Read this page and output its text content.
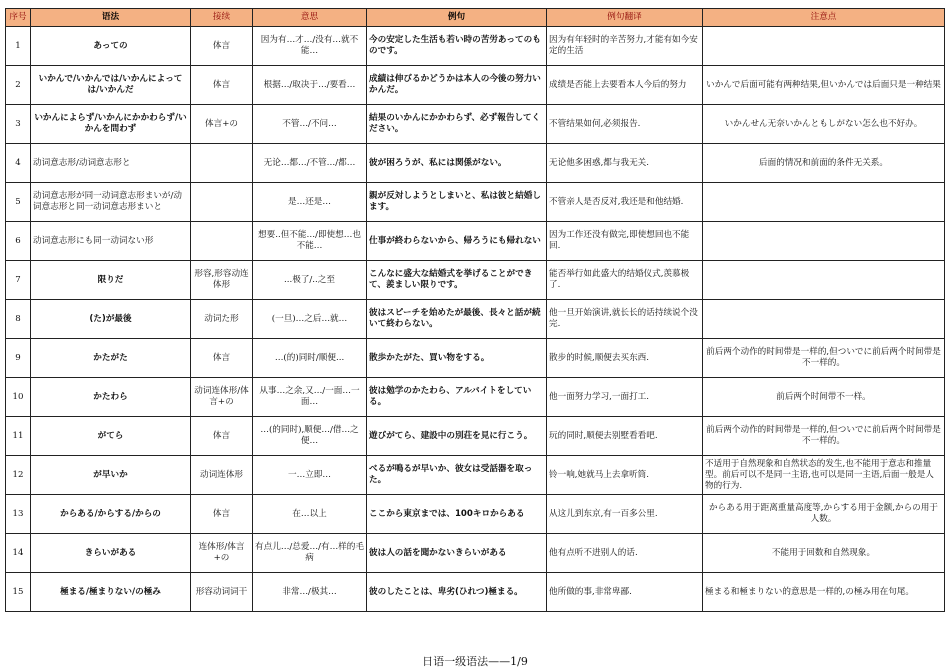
序号	语法	接续	意思	例句	例句翻译	注意点
1	あっての	体言	因为有…才…/没有…就不能…	今の安定した生活も若い時の苦労あってのものです。	因为有年轻时的辛苦努力,才能有如今安定的生活	
2	いかんで/いかんでは/いかんによっては/いかんだ	体言	根据…/取决于…/要看…	成績は伸びるかどうかは本人の今後の努力いかんだ。	成绩是否能上去要看本人今后的努力	いかんで后面可能有两种结果,但いかんでは后面只是一种结果
3	いかんによらず/いかんにかかわらず/いかんを問わず	体言+の	不管…/不问…	結果のいかんにかかわらず、必ず報告してください。	不管结果如何,必须报告.	いかんせん无奈いかんともしがない怎么也不好办。
4	动词意志形/动词意志形と		无论…都…/不管…/都…	彼が困ろうが、私には関係がない。	无论他多困惑,都与我无关.	后面的情况和前面的条件无关系。
5	动词意志形が同一动词意志形まいが/动词意志形と同一动词意志形まいと		是…还是…	親が反対しようとしまいと、私は彼と結婚します。	不管亲人是否反对,我还是和他结婚.	
6	动词意志形にも同一动词ない形		想要..但不能…/即使想…也不能…	仕事が終わらないから、帰ろうにも帰れない	因为工作还没有做完,即使想回也不能回.	
7	限りだ	形容,形容动连体形	...极了/..之至	こんなに盛大な結婚式を挙げることができて、羨ましい限りです。	能否举行如此盛大的结婚仪式,羡慕极了.	
8	(た)が最後	动词た形	(一旦)…之后…就…	彼はスピーチを始めたが最後、長々と話が続いて終わらない。	他一旦开始演讲,就长长的话持续说个没完.	
9	かたがた	体言	…(的)同时/顺便...	散歩かたがた、買い物をする。	散步的时候,顺便去买东西.	前后两个动作的时间带是一样的,但ついでに前后两个时间带是不一样的。
10	かたわら	动词连体形/体言+の	从事…之余,又…/一面…一面…	彼は勉学のかたわら、アルバイトをしている。	他一面努力学习,一面打工.	前后两个时间带不一样。
11	がてら	体言	…(的同时),顺便…/借…之便…	遊びがてら、建設中の別荘を見に行こう。	玩的同时,顺便去别墅看看吧.	前后两个动作的时间带是一样的,但ついでに前后两个时间带是不一样的。
12	が早いか	动词连体形	一…立即…	べるが鳴るが早いか、彼女は受話器を取った。	铃一响,她就马上去拿听筒.	不适用于自然现象和自然状态的发生,也不能用于意志和推量型。前后可以不是同一主语,也可以是同一主语,后面一般是人物的行为.
13	からある/からする/からの	体言	在…以上	ここから東京までは、100キロからある	从这儿到东京,有一百多公里.	からある用于距离重量高度等,からする用于金额,からの用于人数。
14	きらいがある	连体形/体言+の	有点儿…/总爱…/有…样的毛病	彼は人の話を聞かないきらいがある	他有点听不进别人的话.	不能用于回数和自然现象。
15	極まる/極まりない/の極み	形容动词词干	非常…/极其…	彼のしたことは、卑劣(ひれつ)極まる。	他所做的事,非常卑鄙.	極まる和極まりない的意思是一样的,の極み用在句尾。
日语一级语法——1/9
